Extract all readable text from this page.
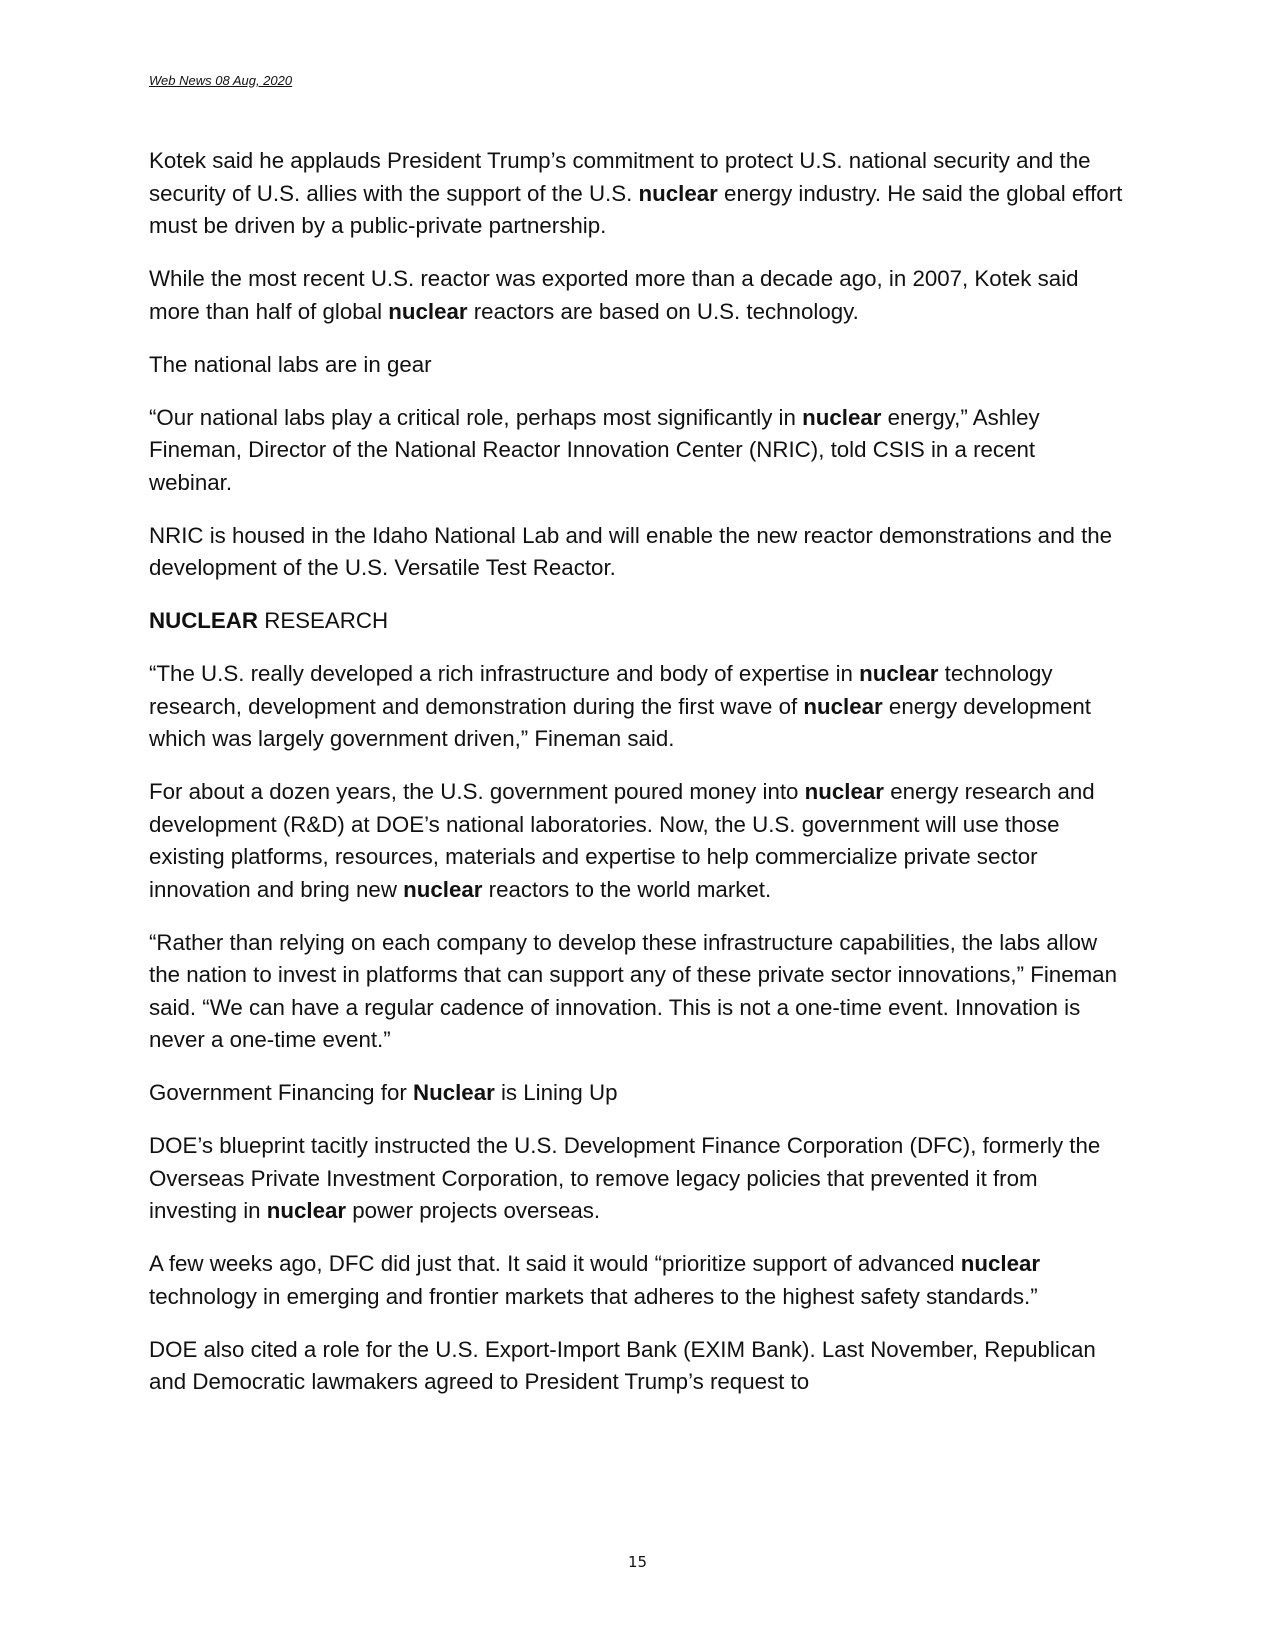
Web News 08 Aug, 2020

Kotek said he applauds President Trump’s commitment to protect U.S. national security and the security of U.S. allies with the support of the U.S. nuclear energy industry. He said the global effort must be driven by a public-private partnership.

While the most recent U.S. reactor was exported more than a decade ago, in 2007, Kotek said more than half of global nuclear reactors are based on U.S. technology.

The national labs are in gear

“Our national labs play a critical role, perhaps most significantly in nuclear energy,” Ashley Fineman, Director of the National Reactor Innovation Center (NRIC), told CSIS in a recent webinar.

NRIC is housed in the Idaho National Lab and will enable the new reactor demonstrations and the development of the U.S. Versatile Test Reactor.

NUCLEAR RESEARCH

“The U.S. really developed a rich infrastructure and body of expertise in nuclear technology research, development and demonstration during the first wave of nuclear energy development which was largely government driven,” Fineman said.

For about a dozen years, the U.S. government poured money into nuclear energy research and development (R&D) at DOE’s national laboratories. Now, the U.S. government will use those existing platforms, resources, materials and expertise to help commercialize private sector innovation and bring new nuclear reactors to the world market.

“Rather than relying on each company to develop these infrastructure capabilities, the labs allow the nation to invest in platforms that can support any of these private sector innovations,” Fineman said. “We can have a regular cadence of innovation. This is not a one-time event. Innovation is never a one-time event.”

Government Financing for Nuclear is Lining Up

DOE’s blueprint tacitly instructed the U.S. Development Finance Corporation (DFC), formerly the Overseas Private Investment Corporation, to remove legacy policies that prevented it from investing in nuclear power projects overseas.

A few weeks ago, DFC did just that. It said it would “prioritize support of advanced nuclear technology in emerging and frontier markets that adheres to the highest safety standards.”

DOE also cited a role for the U.S. Export-Import Bank (EXIM Bank). Last November, Republican and Democratic lawmakers agreed to President Trump’s request to

15
